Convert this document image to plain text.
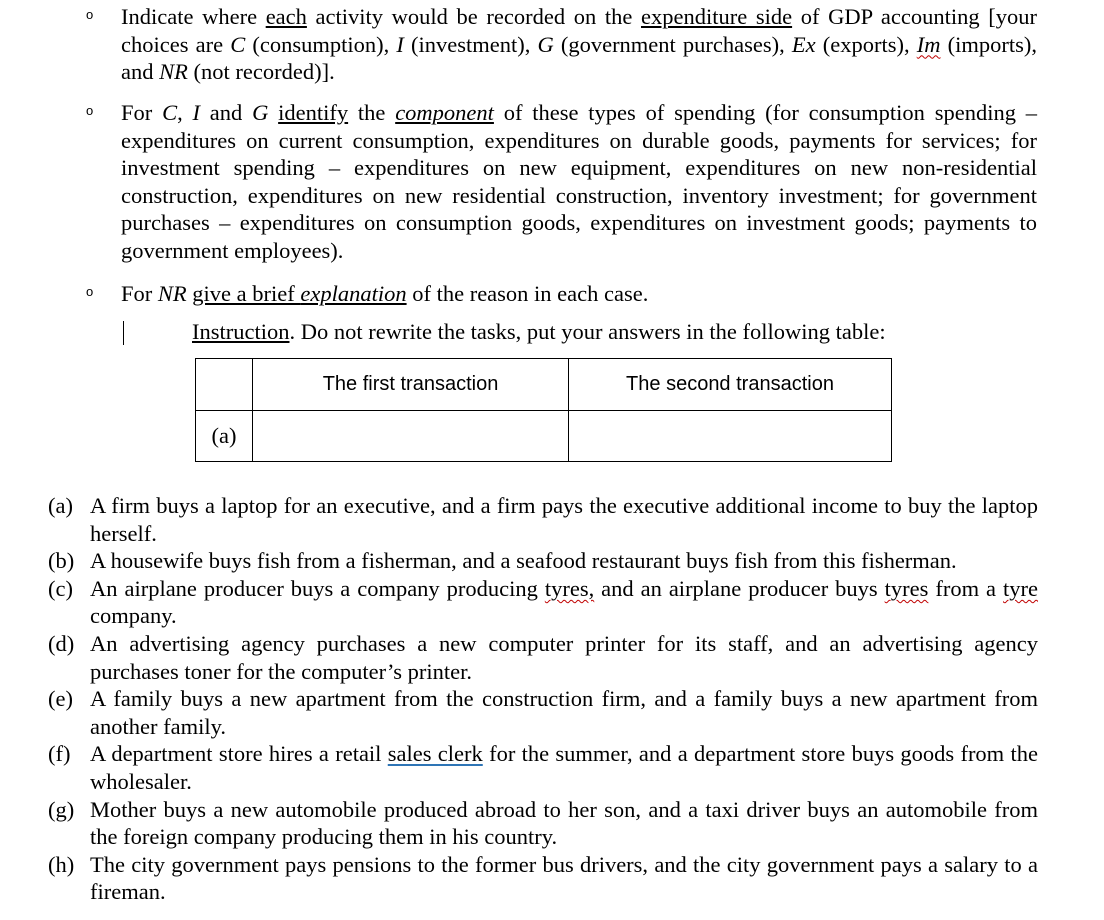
o Indicate where each activity would be recorded on the expenditure side of GDP accounting [your choices are C (consumption), I (investment), G (government purchases), Ex (exports), Im (imports), and NR (not recorded)].
o For C, I and G identify the component of these types of spending (for consumption spending – expenditures on current consumption, expenditures on durable goods, payments for services; for investment spending – expenditures on new equipment, expenditures on new non-residential construction, expenditures on new residential construction, inventory investment; for government purchases – expenditures on consumption goods, expenditures on investment goods; payments to government employees).
o For NR give a brief explanation of the reason in each case.
Instruction. Do not rewrite the tasks, put your answers in the following table:
	The first transaction	The second transaction
(a)		
(a) A firm buys a laptop for an executive, and a firm pays the executive additional income to buy the laptop herself.
(b) A housewife buys fish from a fisherman, and a seafood restaurant buys fish from this fisherman.
(c) An airplane producer buys a company producing tyres, and an airplane producer buys tyres from a tyre company.
(d) An advertising agency purchases a new computer printer for its staff, and an advertising agency purchases toner for the computer’s printer.
(e) A family buys a new apartment from the construction firm, and a family buys a new apartment from another family.
(f) A department store hires a retail sales clerk for the summer, and a department store buys goods from the wholesaler.
(g) Mother buys a new automobile produced abroad to her son, and a taxi driver buys an automobile from the foreign company producing them in his country.
(h) The city government pays pensions to the former bus drivers, and the city government pays a salary to a fireman.
